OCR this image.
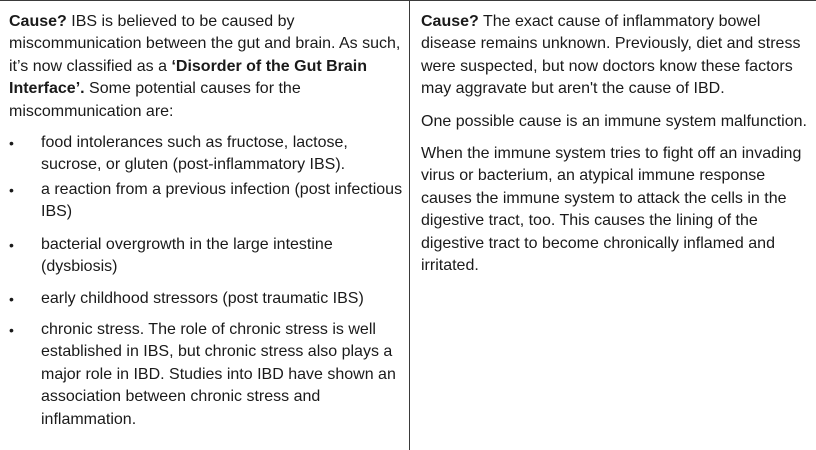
Cause? IBS is believed to be caused by miscommunication between the gut and brain. As such, it’s now classified as a ‘Disorder of the Gut Brain Interface’. Some potential causes for the miscommunication are:

•	food intolerances such as fructose, lactose, sucrose, or gluten (post-inflammatory IBS).
•	a reaction from a previous infection (post infectious IBS)
•	bacterial overgrowth in the large intestine (dysbiosis)
•	early childhood stressors (post traumatic IBS)
•	chronic stress. The role of chronic stress is well established in IBS, but chronic stress also plays a major role in IBD. Studies into IBD have shown an association between chronic stress and inflammation.

Cause? The exact cause of inflammatory bowel disease remains unknown. Previously, diet and stress were suspected, but now doctors know these factors may aggravate but aren't the cause of IBD.

One possible cause is an immune system malfunction.

When the immune system tries to fight off an invading virus or bacterium, an atypical immune response causes the immune system to attack the cells in the digestive tract, too. This causes the lining of the digestive tract to become chronically inflamed and irritated.
